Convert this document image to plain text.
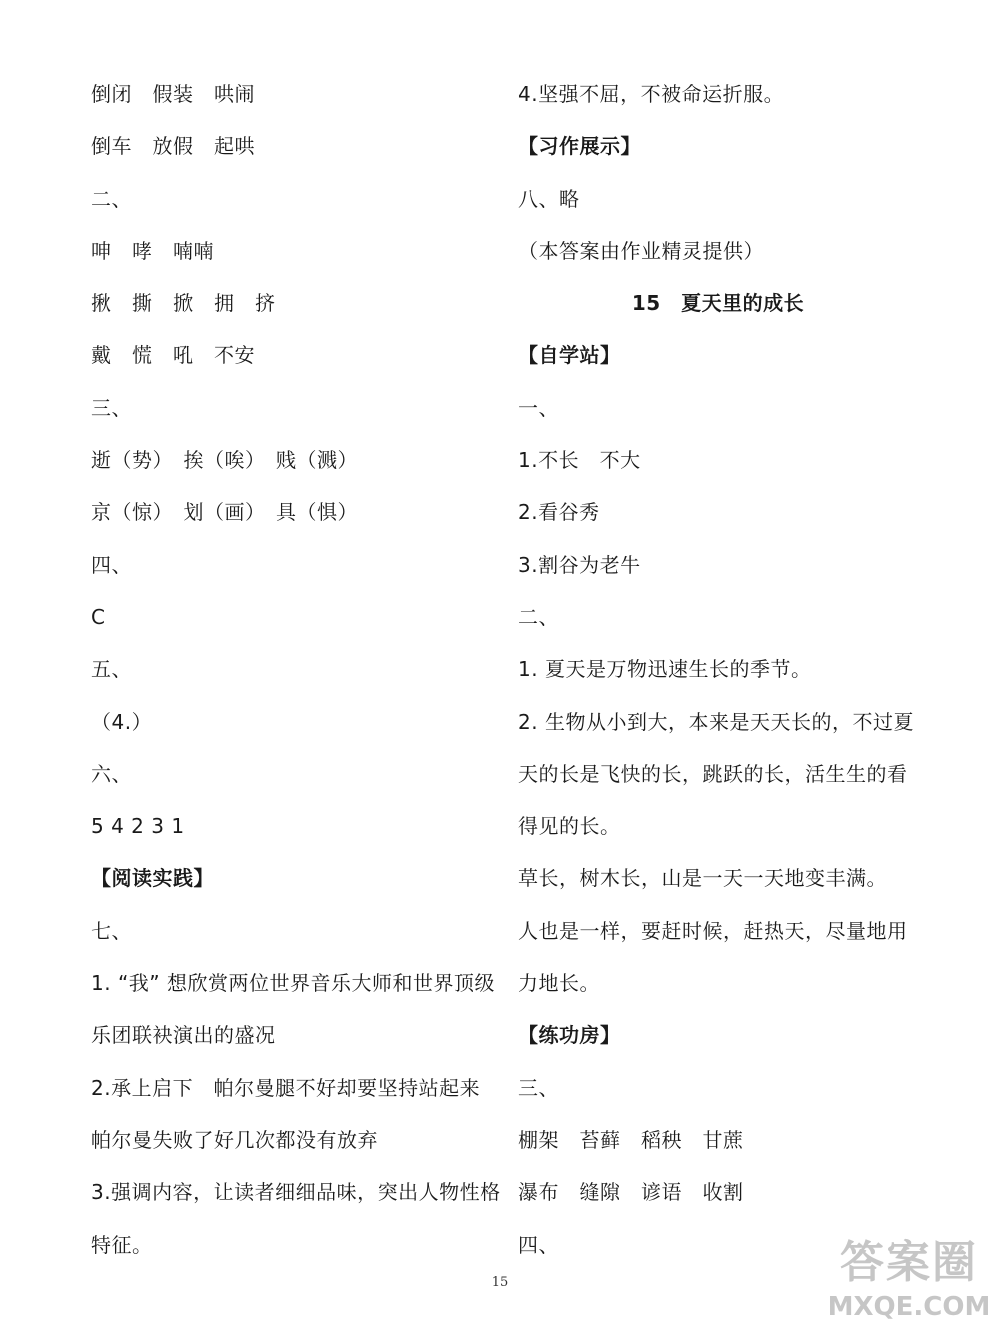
倒闭　假装　哄闹
倒车　放假　起哄
二、
呻　哮　喃喃
揪　撕　掀　拥　挤
戴　慌　吼　不安
三、
逝（势）　挨（唉）　贱（溅）
京（惊）　划（画）　具（惧）
四、
C
五、
（4.）
六、
5 4 2 3 1
【阅读实践】
七、
1. “我” 想欣赏两位世界音乐大师和世界顶级
乐团联袂演出的盛况
2.承上启下　帕尔曼腿不好却要坚持站起来
帕尔曼失败了好几次都没有放弃
3.强调内容，让读者细细品味，突出人物性格
特征。
4.坚强不屈，不被命运折服。
【习作展示】
八、略
（本答案由作业精灵提供）
15　夏天里的成长
【自学站】
一、
1.不长　不大
2.看谷秀
3.割谷为老牛
二、
1. 夏天是万物迅速生长的季节。
2. 生物从小到大，本来是天天长的，不过夏
天的长是飞快的长，跳跃的长，活生生的看
得见的长。
草长，树木长，山是一天一天地变丰满。
人也是一样，要赶时候，赶热天，尽量地用
力地长。
【练功房】
三、
棚架　苔藓　稻秧　甘蔗
瀑布　缝隙　谚语　收割
四、
15	答案圈
MXQE.COM
